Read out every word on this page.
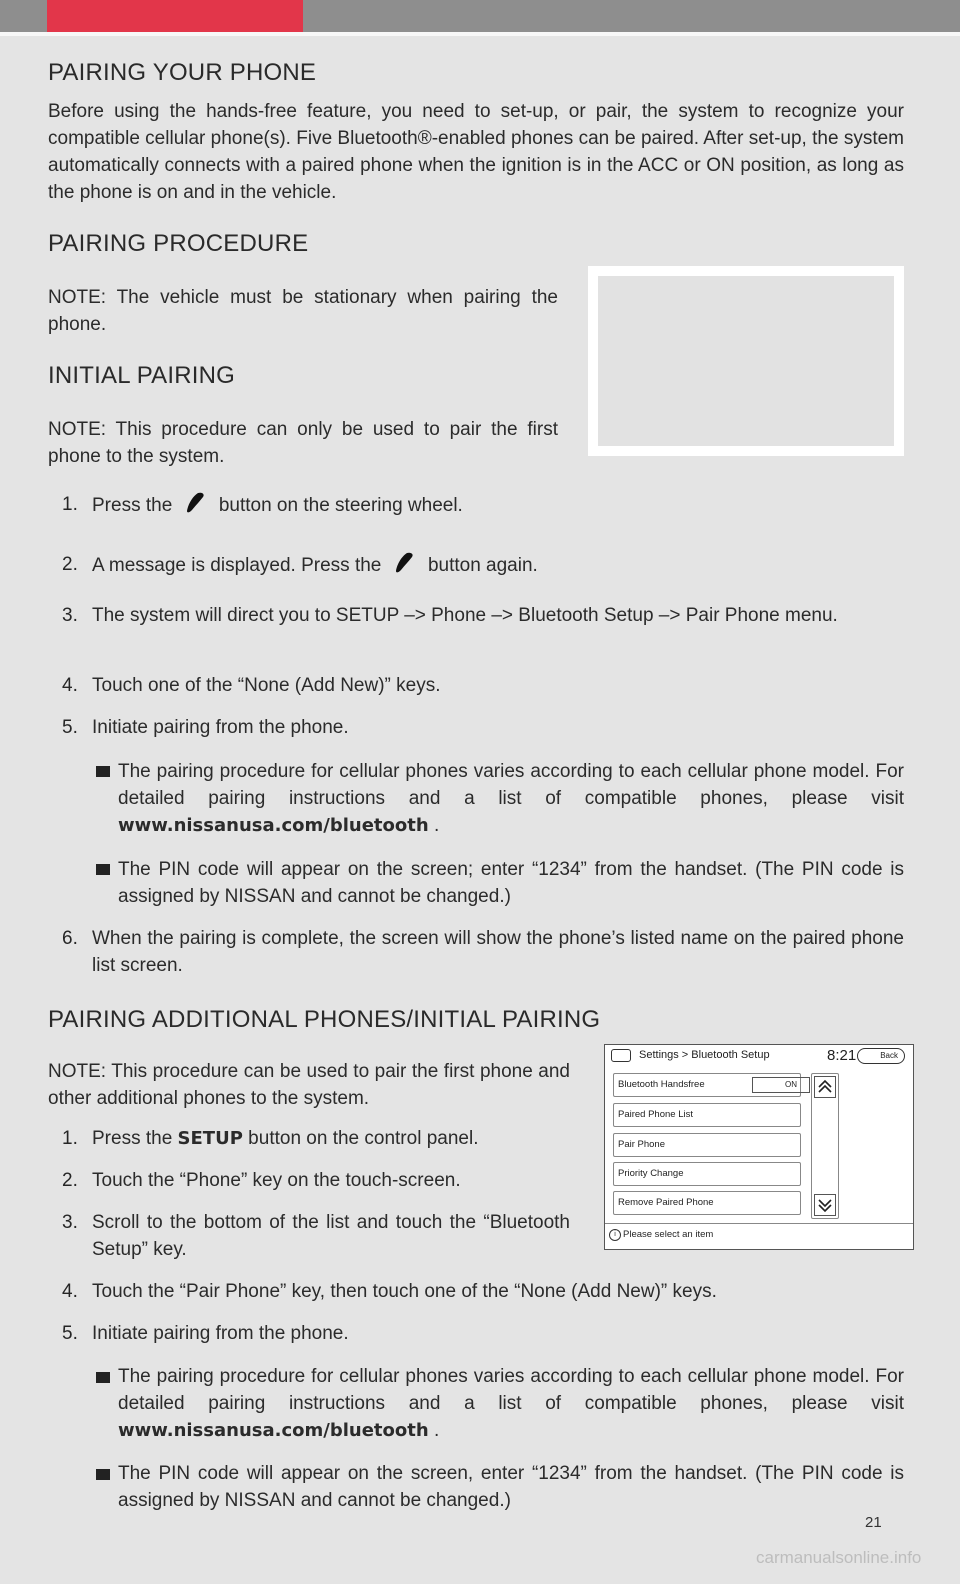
PAIRING YOUR PHONE

Before using the hands-free feature, you need to set-up, or pair, the system to recognize your compatible cellular phone(s). Five Bluetooth®-enabled phones can be paired. After set-up, the system automatically connects with a paired phone when the ignition is in the ACC or ON position, as long as the phone is on and in the vehicle.

PAIRING PROCEDURE

NOTE: The vehicle must be stationary when pairing the phone.

INITIAL PAIRING

NOTE: This procedure can only be used to pair the first phone to the system.

1. Press the button on the steering wheel.

2. A message is displayed. Press the button again.

3. The system will direct you to SETUP –> Phone –> Bluetooth Setup –> Pair Phone menu.

4. Touch one of the “None (Add New)” keys.

5. Initiate pairing from the phone.

The pairing procedure for cellular phones varies according to each cellular phone model. For detailed pairing instructions and a list of compatible phones, please visit www.nissanusa.com/bluetooth .

The PIN code will appear on the screen; enter “1234” from the handset. (The PIN code is assigned by NISSAN and cannot be changed.)

6. When the pairing is complete, the screen will show the phone’s listed name on the paired phone list screen.

PAIRING ADDITIONAL PHONES/INITIAL PAIRING

NOTE: This procedure can be used to pair the first phone and other additional phones to the system.

1. Press the SETUP button on the control panel.

2. Touch the “Phone” key on the touch-screen.

3. Scroll to the bottom of the list and touch the “Bluetooth Setup” key.

4. Touch the “Pair Phone” key, then touch one of the “None (Add New)” keys.

5. Initiate pairing from the phone.

The pairing procedure for cellular phones varies according to each cellular phone model. For detailed pairing instructions and a list of compatible phones, please visit www.nissanusa.com/bluetooth .

The PIN code will appear on the screen, enter “1234” from the handset. (The PIN code is assigned by NISSAN and cannot be changed.)

Settings > Bluetooth Setup	8:21	Back
Bluetooth Handsfree	ON
Paired Phone List
Pair Phone
Priority Change
Remove Paired Phone
i Please select an item
21
carmanualsonline.info
